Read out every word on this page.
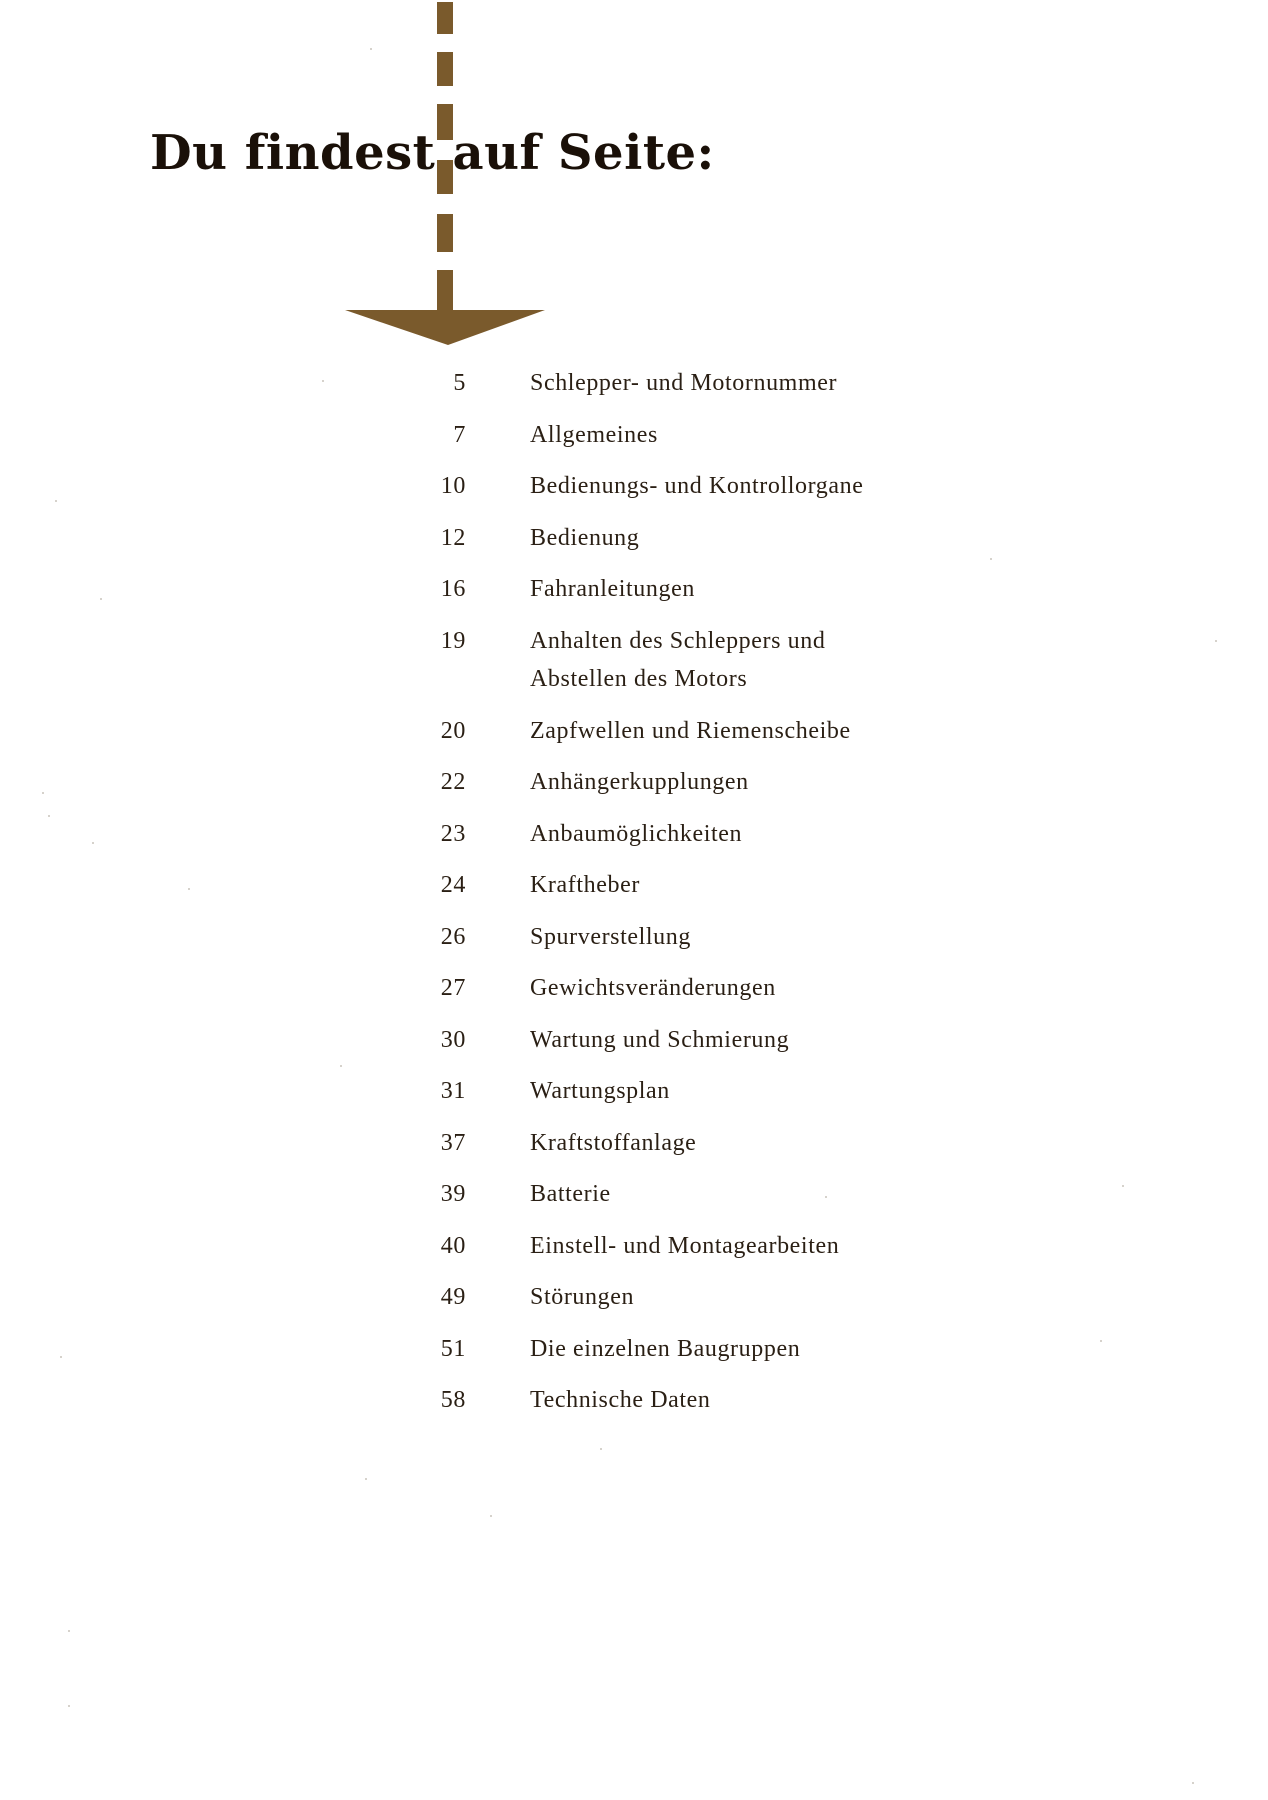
Du findest auf Seite:
5	Schlepper- und Motornummer
7	Allgemeines
10	Bedienungs- und Kontrollorgane
12	Bedienung
16	Fahranleitungen
19	Anhalten des Schleppers und
Abstellen des Motors
20	Zapfwellen und Riemenscheibe
22	Anhängerkupplungen
23	Anbaumöglichkeiten
24	Kraftheber
26	Spurverstellung
27	Gewichtsveränderungen
30	Wartung und Schmierung
31	Wartungsplan
37	Kraftstoffanlage
39	Batterie
40	Einstell- und Montagearbeiten
49	Störungen
51	Die einzelnen Baugruppen
58	Technische Daten
